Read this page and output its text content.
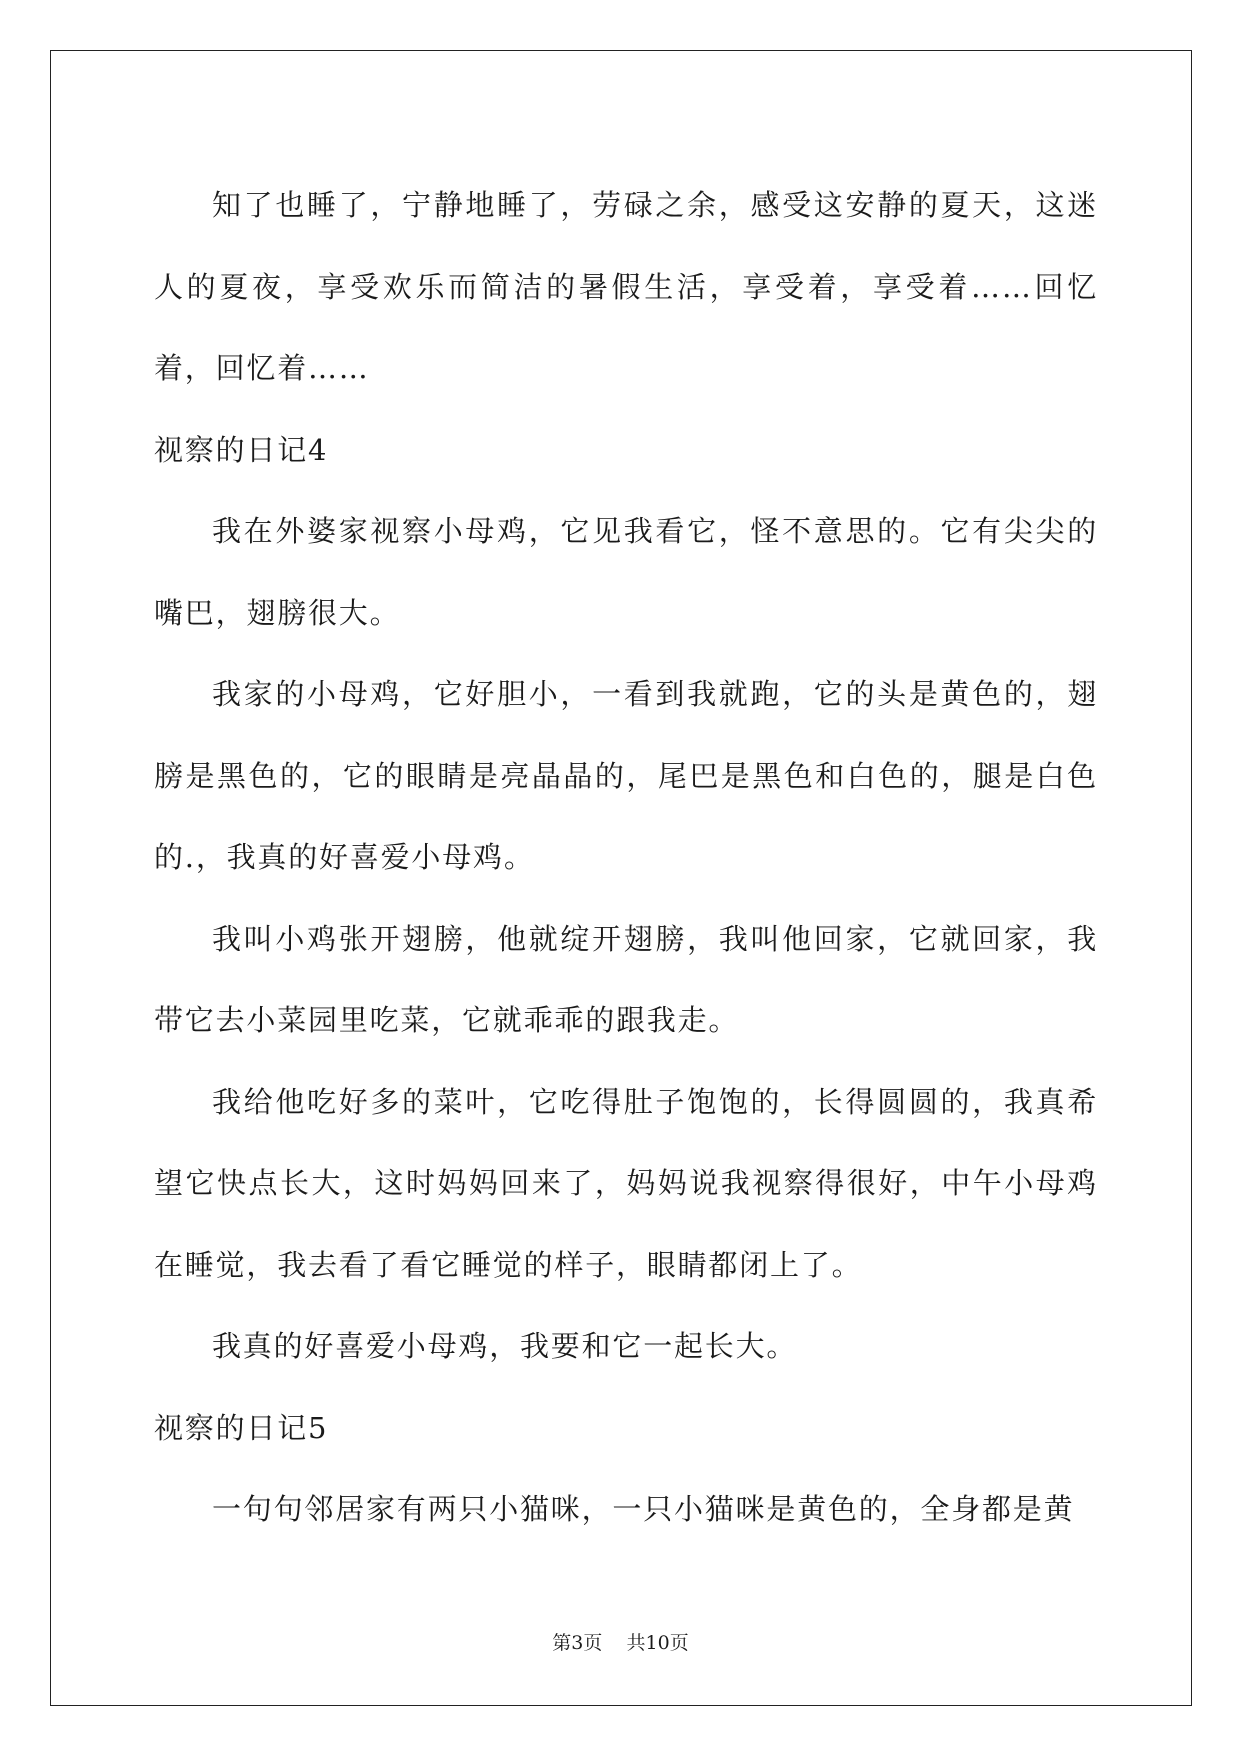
知了也睡了，宁静地睡了，劳碌之余，感受这安静的夏天，这迷人的夏夜，享受欢乐而简洁的暑假生活，享受着，享受着……回忆着，回忆着……

视察的日记4

我在外婆家视察小母鸡，它见我看它，怪不意思的。它有尖尖的嘴巴，翅膀很大。

我家的小母鸡，它好胆小，一看到我就跑，它的头是黄色的，翅膀是黑色的，它的眼睛是亮晶晶的，尾巴是黑色和白色的，腿是白色的.，我真的好喜爱小母鸡。

我叫小鸡张开翅膀，他就绽开翅膀，我叫他回家，它就回家，我带它去小菜园里吃菜，它就乖乖的跟我走。

我给他吃好多的菜叶，它吃得肚子饱饱的，长得圆圆的，我真希望它快点长大，这时妈妈回来了，妈妈说我视察得很好，中午小母鸡在睡觉，我去看了看它睡觉的样子，眼睛都闭上了。

我真的好喜爱小母鸡，我要和它一起长大。

视察的日记5

一句句邻居家有两只小猫咪，一只小猫咪是黄色的，全身都是黄

第3页 共10页
